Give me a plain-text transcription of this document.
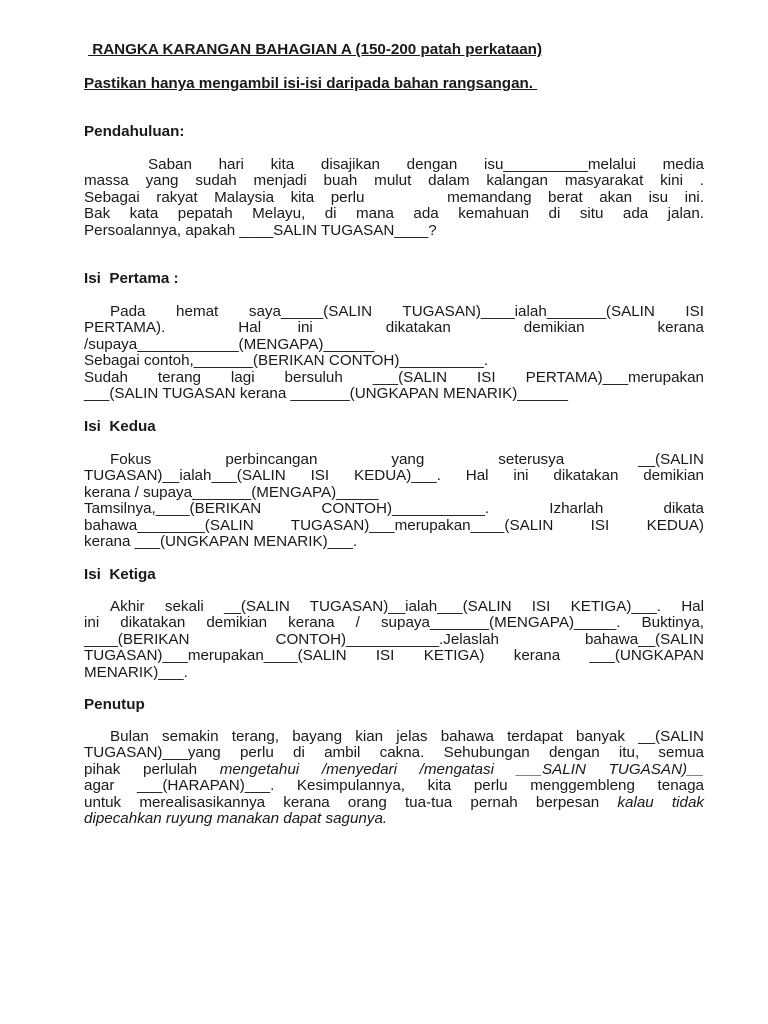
RANGKA KARANGAN BAHAGIAN A (150-200 patah perkataan)
Pastikan hanya mengambil isi-isi daripada bahan rangsangan.
Pendahuluan:
Saban hari kita disajikan dengan isu__________melalui media
massa yang sudah menjadi buah mulut dalam kalangan masyarakat kini .
Sebagai rakyat Malaysia kita perlu     memandang berat akan isu ini.
Bak kata pepatah Melayu, di mana ada kemahuan di situ ada jalan.
Persoalannya, apakah ____SALIN TUGASAN____?
Isi  Pertama :
Pada hemat saya_____(SALIN TUGASAN)____ialah_______(SALIN ISI
PERTAMA).  Hal ini  dikatakan  demikian  kerana
/supaya____________(MENGAPA)______
Sebagai contoh,_______(BERIKAN CONTOH)__________.
Sudah terang lagi bersuluh ___(SALIN ISI PERTAMA)___merupakan
___(SALIN TUGASAN kerana _______(UNGKAPAN MENARIK)______
Isi  Kedua
Fokus  perbincangan  yang  seterusya  __(SALIN
TUGASAN)__ialah___(SALIN ISI KEDUA)___. Hal ini dikatakan demikian
kerana / supaya_______(MENGAPA)_____
Tamsilnya,____(BERIKAN CONTOH)___________. Izharlah dikata
bahawa________(SALIN TUGASAN)___merupakan____(SALIN ISI KEDUA)
kerana ___(UNGKAPAN MENARIK)___.
Isi  Ketiga
Akhir sekali __(SALIN TUGASAN)__ialah___(SALIN ISI KETIGA)___. Hal
ini dikatakan demikian kerana / supaya_______(MENGAPA)_____. Buktinya,
____(BERIKAN CONTOH)___________.Jelaslah bahawa__(SALIN
TUGASAN)___merupakan____(SALIN ISI KETIGA) kerana ___(UNGKAPAN
MENARIK)___.
Penutup
Bulan semakin terang, bayang kian jelas bahawa terdapat banyak __(SALIN
TUGASAN)___yang perlu di ambil cakna. Sehubungan dengan itu, semua
pihak perlulah mengetahui /menyedari /mengatasi ___SALIN TUGASAN)__
agar ___(HARAPAN)___. Kesimpulannya, kita perlu menggembleng tenaga
untuk merealisasikannya kerana orang tua-tua pernah berpesan kalau tidak
dipecahkan ruyung manakan dapat sagunya.
